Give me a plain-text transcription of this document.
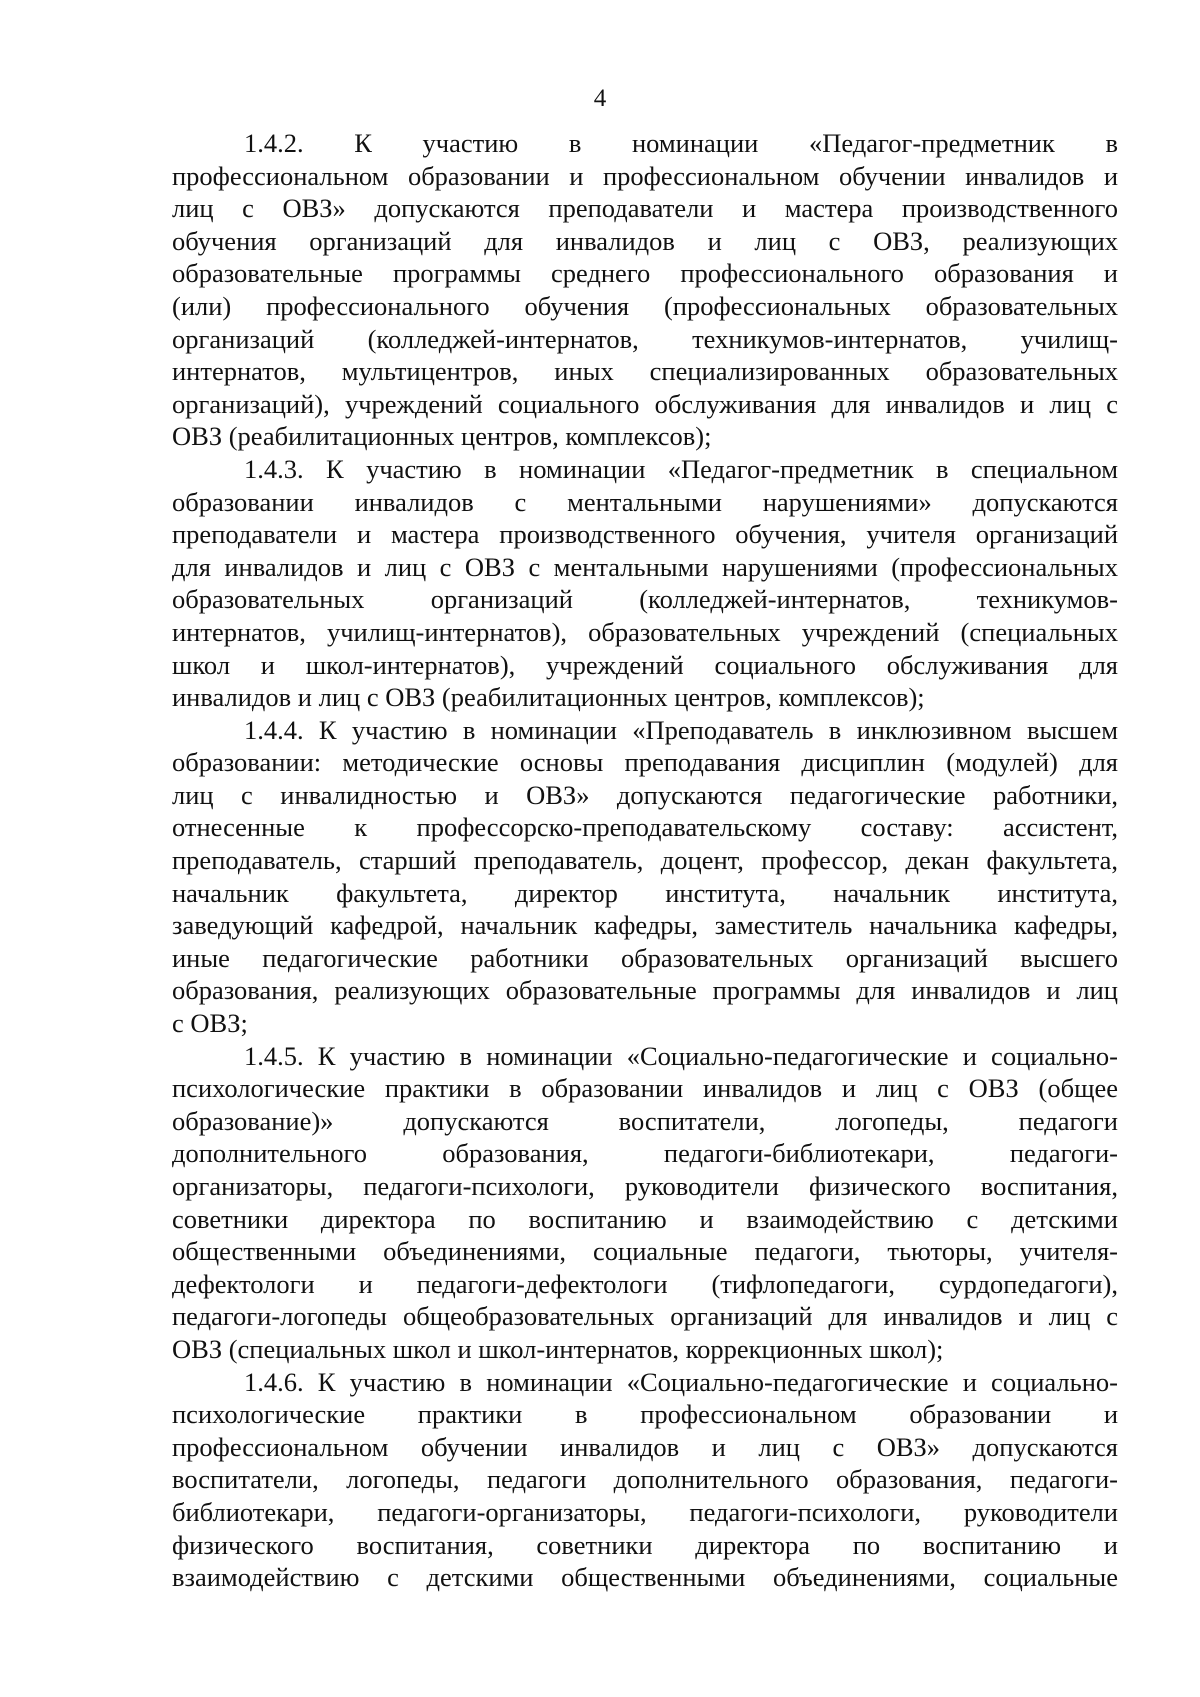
4
1.4.2. К участию в номинации «Педагог-предметник в
профессиональном образовании и профессиональном обучении инвалидов и
лиц с ОВЗ» допускаются преподаватели и мастера производственного
обучения организаций для инвалидов и лиц с ОВЗ, реализующих
образовательные программы среднего профессионального образования и
(или) профессионального обучения (профессиональных образовательных
организаций (колледжей-интернатов, техникумов-интернатов, училищ-
интернатов, мультицентров, иных специализированных образовательных
организаций), учреждений социального обслуживания для инвалидов и лиц с
ОВЗ (реабилитационных центров, комплексов);
1.4.3. К участию в номинации «Педагог-предметник в специальном
образовании инвалидов с ментальными нарушениями» допускаются
преподаватели и мастера производственного обучения, учителя организаций
для инвалидов и лиц с ОВЗ с ментальными нарушениями (профессиональных
образовательных организаций (колледжей-интернатов, техникумов-
интернатов, училищ-интернатов), образовательных учреждений (специальных
школ и школ-интернатов), учреждений социального обслуживания для
инвалидов и лиц с ОВЗ (реабилитационных центров, комплексов);
1.4.4. К участию в номинации «Преподаватель в инклюзивном высшем
образовании: методические основы преподавания дисциплин (модулей) для
лиц с инвалидностью и ОВЗ» допускаются педагогические работники,
отнесенные к профессорско-преподавательскому составу: ассистент,
преподаватель, старший преподаватель, доцент, профессор, декан факультета,
начальник факультета, директор института, начальник института,
заведующий кафедрой, начальник кафедры, заместитель начальника кафедры,
иные педагогические работники образовательных организаций высшего
образования, реализующих образовательные программы для инвалидов и лиц
с ОВЗ;
1.4.5. К участию в номинации «Социально-педагогические и социально-
психологические практики в образовании инвалидов и лиц с ОВЗ (общее
образование)» допускаются воспитатели, логопеды, педагоги
дополнительного образования, педагоги-библиотекари, педагоги-
организаторы, педагоги-психологи, руководители физического воспитания,
советники директора по воспитанию и взаимодействию с детскими
общественными объединениями, социальные педагоги, тьюторы, учителя-
дефектологи и педагоги-дефектологи (тифлопедагоги, сурдопедагоги),
педагоги-логопеды общеобразовательных организаций для инвалидов и лиц с
ОВЗ (специальных школ и школ-интернатов, коррекционных школ);
1.4.6. К участию в номинации «Социально-педагогические и социально-
психологические практики в профессиональном образовании и
профессиональном обучении инвалидов и лиц с ОВЗ» допускаются
воспитатели, логопеды, педагоги дополнительного образования, педагоги-
библиотекари, педагоги-организаторы, педагоги-психологи, руководители
физического воспитания, советники директора по воспитанию и
взаимодействию с детскими общественными объединениями, социальные
